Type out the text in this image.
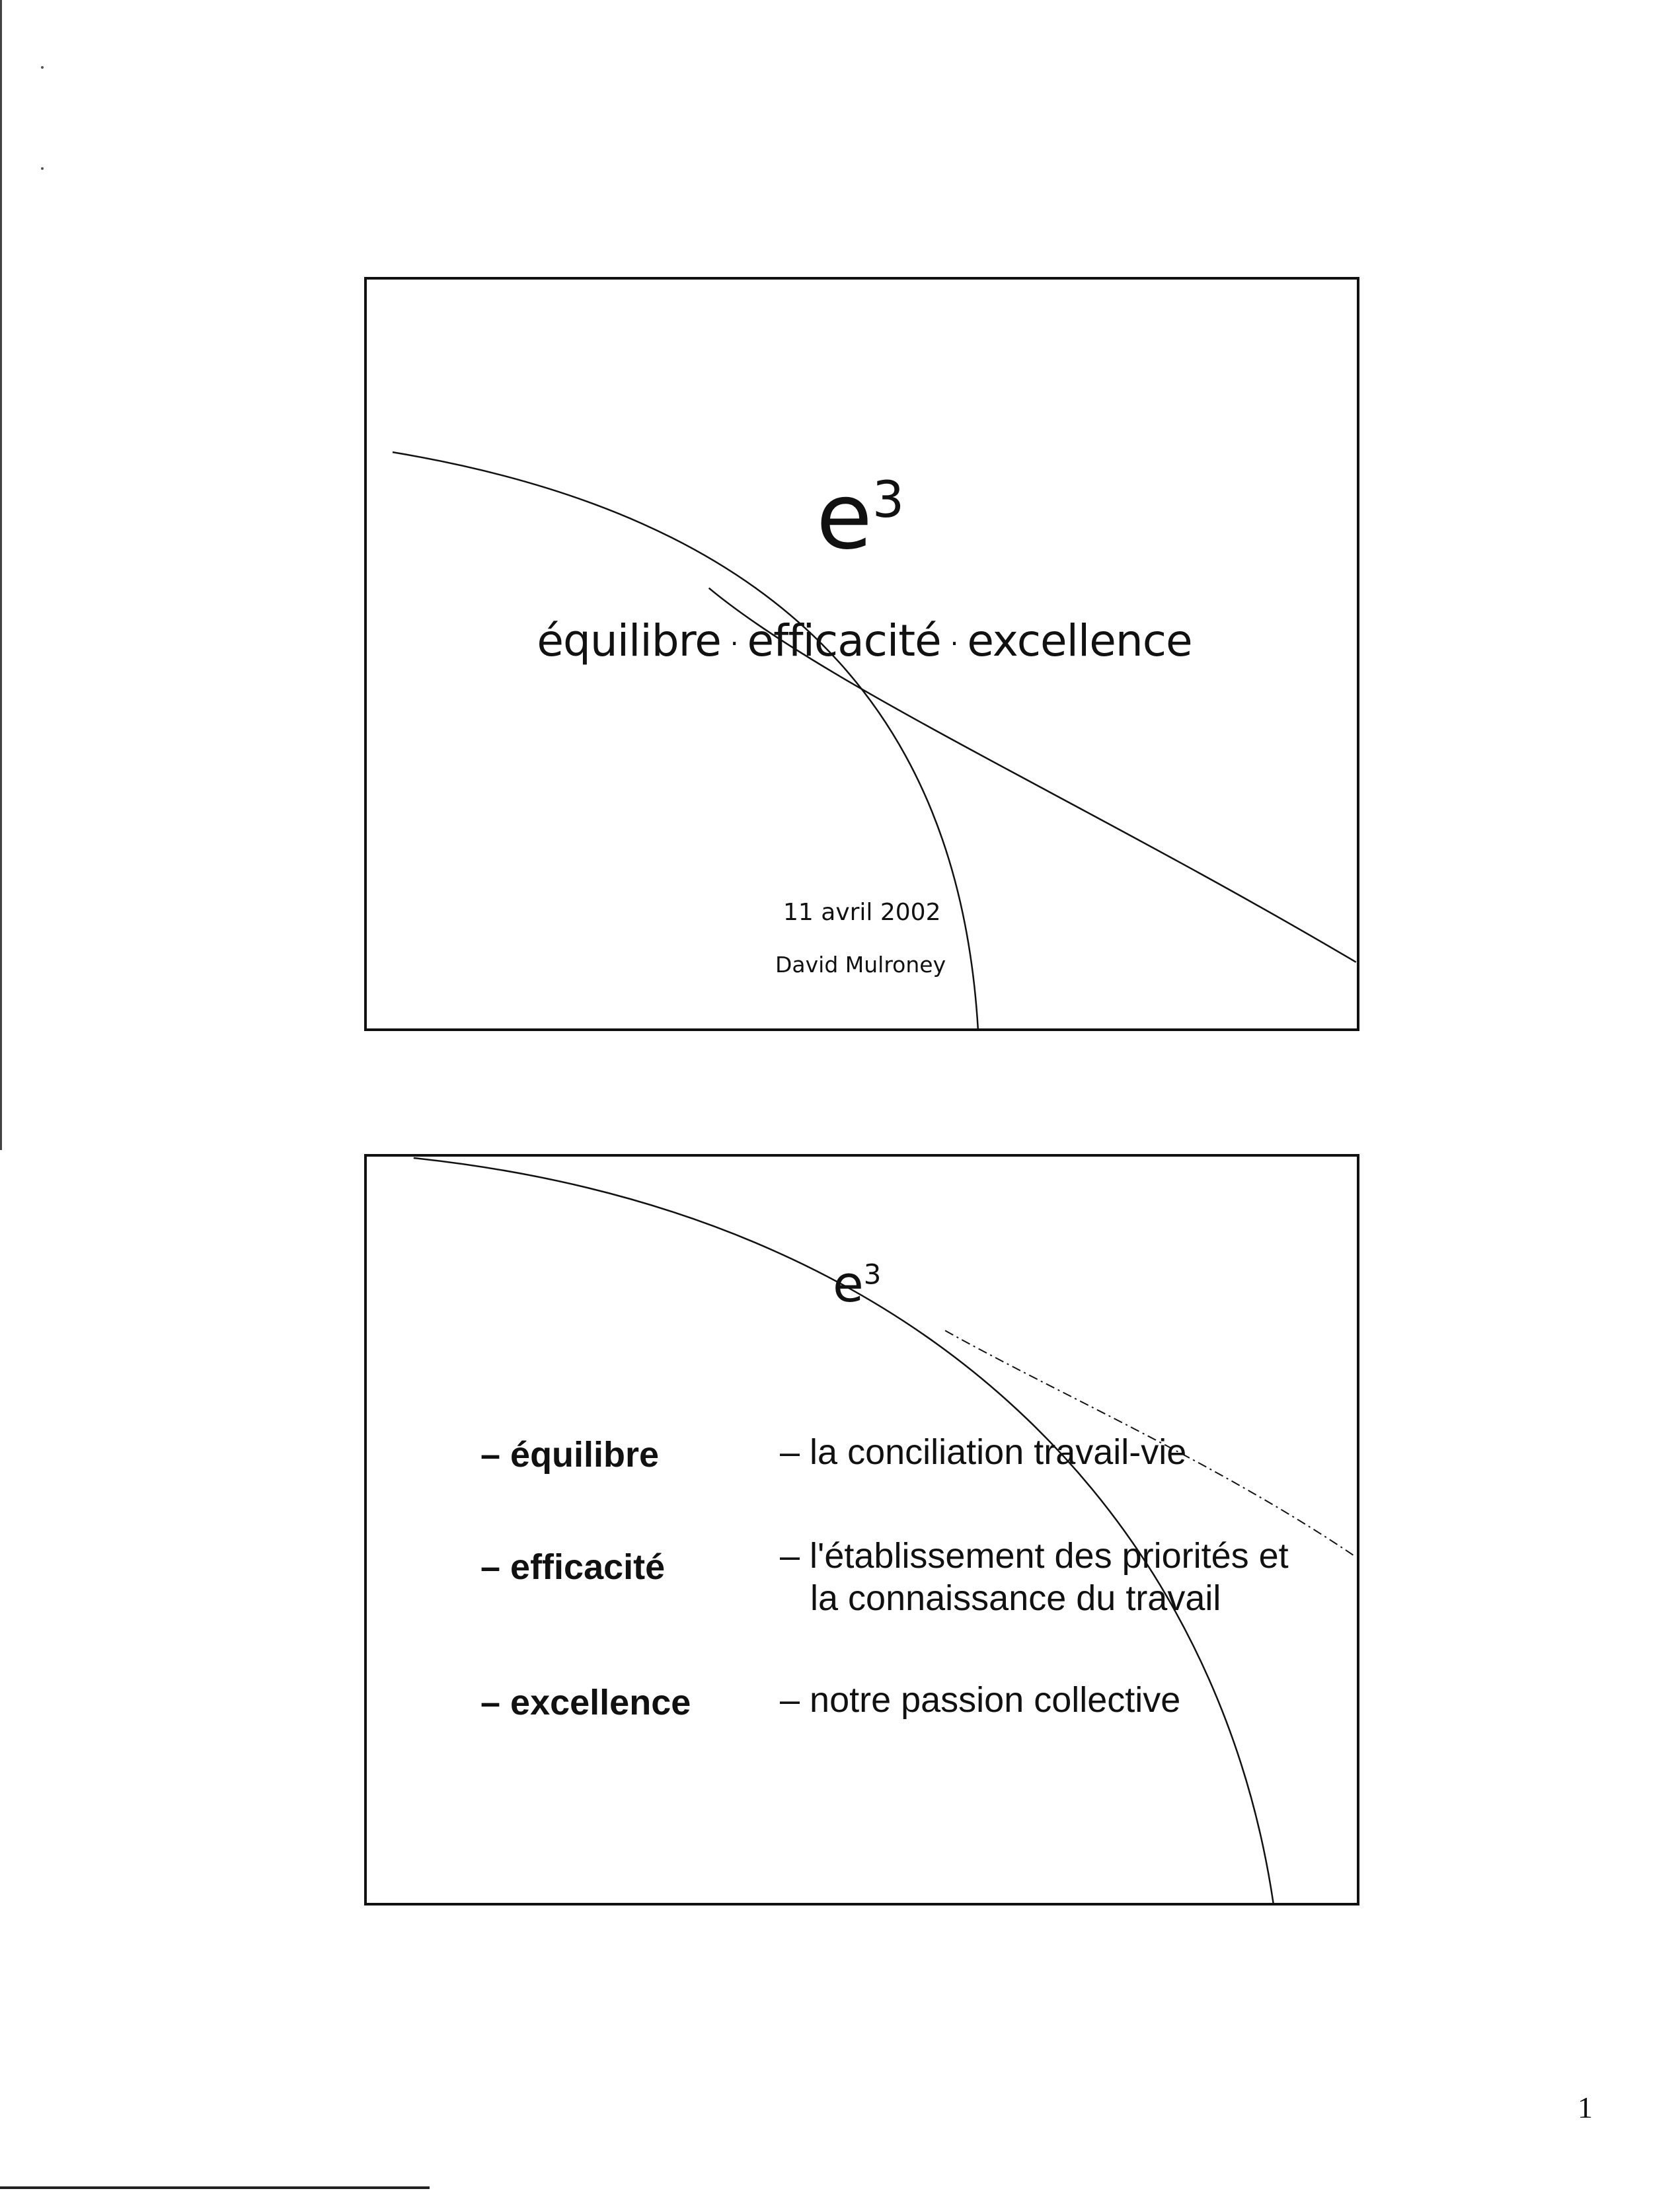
$e^3$
équilibre · efficacité · excellence
11 avril 2002
David Mulroney
$e^3$
– équilibre	– la conciliation travail-vie
– efficacité	– l'établissement des priorités et
la connaissance du travail
– excellence – notre passion collective
1
